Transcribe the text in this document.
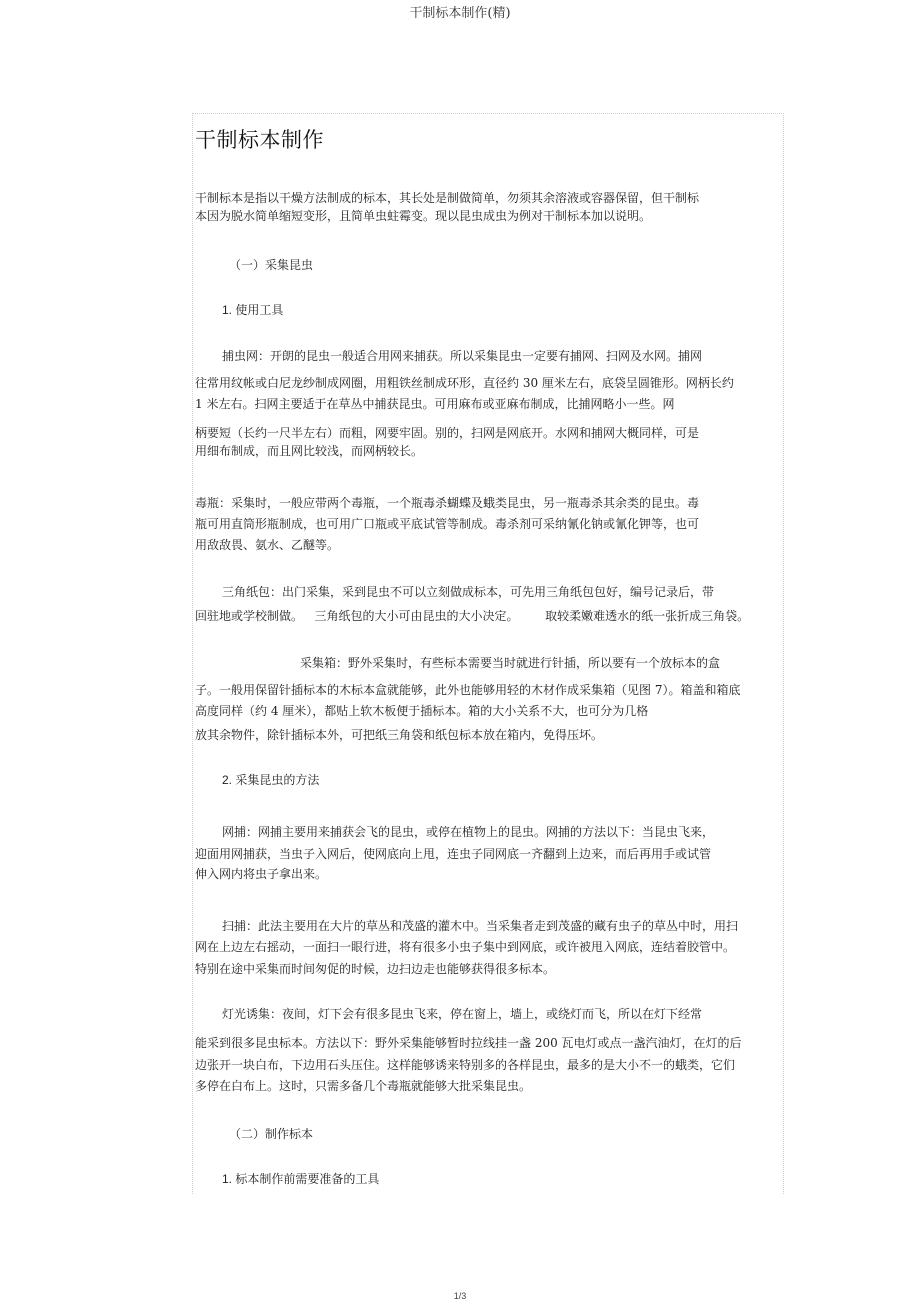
干制标本制作(精)
干制标本制作
干制标本是指以干燥方法制成的标本，其长处是制做简单，勿须其余溶液或容器保留，但干制标
本因为脱水简单缩短变形，且简单虫蛀霉变。现以昆虫成虫为例对干制标本加以说明。
（一）采集昆虫
1. 使用工具
捕虫网：开朗的昆虫一般适合用网来捕获。所以采集昆虫一定要有捕网、扫网及水网。捕网
往常用纹帐或白尼龙纱制成网圈，用粗铁丝制成环形，直径约 30 厘米左右，底袋呈圆锥形。网柄长约
1 米左右。扫网主要适于在草丛中捕获昆虫。可用麻布或亚麻布制成，比捕网略小一些。网
柄要短（长约一尺半左右）而粗，网要牢固。别的，扫网是网底开。水网和捕网大概同样，可是
用细布制成，而且网比较浅，而网柄较长。
毒瓶：采集时，一般应带两个毒瓶，一个瓶毒杀蝴蝶及蛾类昆虫，另一瓶毒杀其余类的昆虫。毒
瓶可用直筒形瓶制成，也可用广口瓶或平底试管等制成。毒杀剂可采纳氰化钠或氰化钾等，也可
用敌敌畏、氨水、乙醚等。
三角纸包：出门采集，采到昆虫不可以立刻做成标本，可先用三角纸包包好，编号记录后，带
回驻地或学校制做。   三角纸包的大小可由昆虫的大小决定。       取较柔嫩难透水的纸一张折成三角袋。
采集箱：野外采集时，有些标本需要当时就进行针插，所以要有一个放标本的盒
子。一般用保留针插标本的木标本盒就能够，此外也能够用轻的木材作成采集箱（见图 7）。箱盖和箱底
高度同样（约 4 厘米），都贴上软木板便于插标本。箱的大小关系不大，也可分为几格
放其余物件，除针插标本外，可把纸三角袋和纸包标本放在箱内，免得压坏。
2. 采集昆虫的方法
网捕：网捕主要用来捕获会飞的昆虫，或停在植物上的昆虫。网捕的方法以下：当昆虫飞来，
迎面用网捕获，当虫子入网后，使网底向上甩，连虫子同网底一齐翻到上边来，而后再用手或试管
伸入网内将虫子拿出来。
扫捕：此法主要用在大片的草丛和茂盛的灌木中。当采集者走到茂盛的藏有虫子的草丛中时，用扫
网在上边左右摇动，一面扫一眼行进，将有很多小虫子集中到网底，或许被甩入网底，连结着胶管中。
特别在途中采集而时间匆促的时候，边扫边走也能够获得很多标本。
灯光诱集：夜间，灯下会有很多昆虫飞来，停在窗上，墙上，或绕灯而飞，所以在灯下经常
能采到很多昆虫标本。方法以下：野外采集能够暂时拉线挂一盏 200 瓦电灯或点一盏汽油灯，在灯的后
边张开一块白布，下边用石头压住。这样能够诱来特别多的各样昆虫，最多的是大小不一的蛾类，它们
多停在白布上。这时，只需多备几个毒瓶就能够大批采集昆虫。
（二）制作标本
1. 标本制作前需要准备的工具
1/3
